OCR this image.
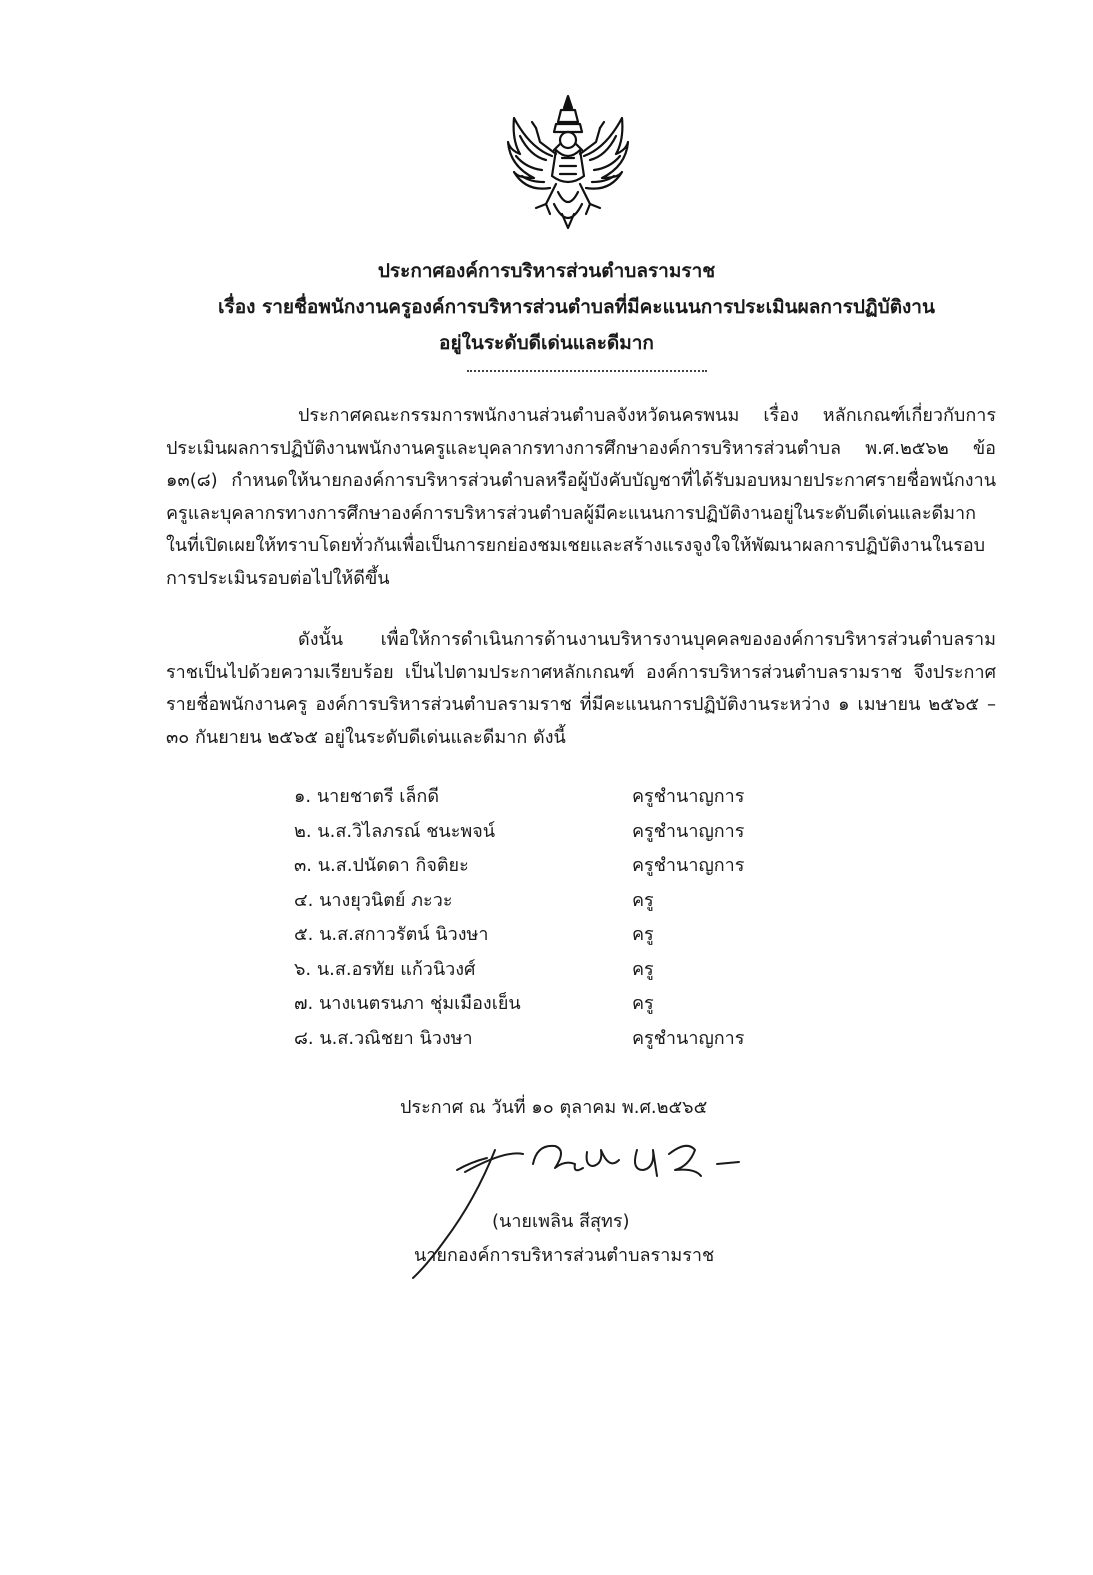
ประกาศองค์การบริหารส่วนตำบลรามราช

เรื่อง รายชื่อพนักงานครูองค์การบริหารส่วนตำบลที่มีคะแนนการประเมินผลการปฏิบัติงาน

อยู่ในระดับดีเด่นและดีมาก

ประกาศคณะกรรมการพนักงานส่วนตำบลจังหวัดนครพนม เรื่อง หลักเกณฑ์เกี่ยวกับการประเมินผลการปฏิบัติงานพนักงานครูและบุคลากรทางการศึกษาองค์การบริหารส่วนตำบล พ.ศ.๒๕๖๒ ข้อ ๑๓(๘) กำหนดให้นายกองค์การบริหารส่วนตำบลหรือผู้บังคับบัญชาที่ได้รับมอบหมายประกาศรายชื่อพนักงานครูและบุคลากรทางการศึกษาองค์การบริหารส่วนตำบลผู้มีคะแนนการปฏิบัติงานอยู่ในระดับดีเด่นและดีมากในที่เปิดเผยให้ทราบโดยทั่วกันเพื่อเป็นการยกย่องชมเชยและสร้างแรงจูงใจให้พัฒนาผลการปฏิบัติงานในรอบการประเมินรอบต่อไปให้ดีขึ้น

ดังนั้น เพื่อให้การดำเนินการด้านงานบริหารงานบุคคลขององค์การบริหารส่วนตำบลรามราชเป็นไปด้วยความเรียบร้อย เป็นไปตามประกาศหลักเกณฑ์ องค์การบริหารส่วนตำบลรามราช จึงประกาศรายชื่อพนักงานครู องค์การบริหารส่วนตำบลรามราช ที่มีคะแนนการปฏิบัติงานระหว่าง ๑ เมษายน ๒๕๖๕ – ๓๐ กันยายน ๒๕๖๕ อยู่ในระดับดีเด่นและดีมาก ดังนี้

๑. นายชาตรี เล็กดี	ครูชำนาญการ
๒. น.ส.วิไลภรณ์ ชนะพจน์	ครูชำนาญการ
๓. น.ส.ปนัดดา กิจติยะ	ครูชำนาญการ
๔. นางยุวนิตย์ ภะวะ	ครู
๕. น.ส.สกาวรัตน์ นิวงษา	ครู
๖. น.ส.อรทัย แก้วนิวงศ์	ครู
๗. นางเนตรนภา ชุ่มเมืองเย็น	ครู
๘. น.ส.วณิชยา นิวงษา	ครูชำนาญการ

ประกาศ ณ วันที่ ๑๐ ตุลาคม พ.ศ.๒๕๖๕

(นายเพลิน สีสุทร)

นายกองค์การบริหารส่วนตำบลรามราช
